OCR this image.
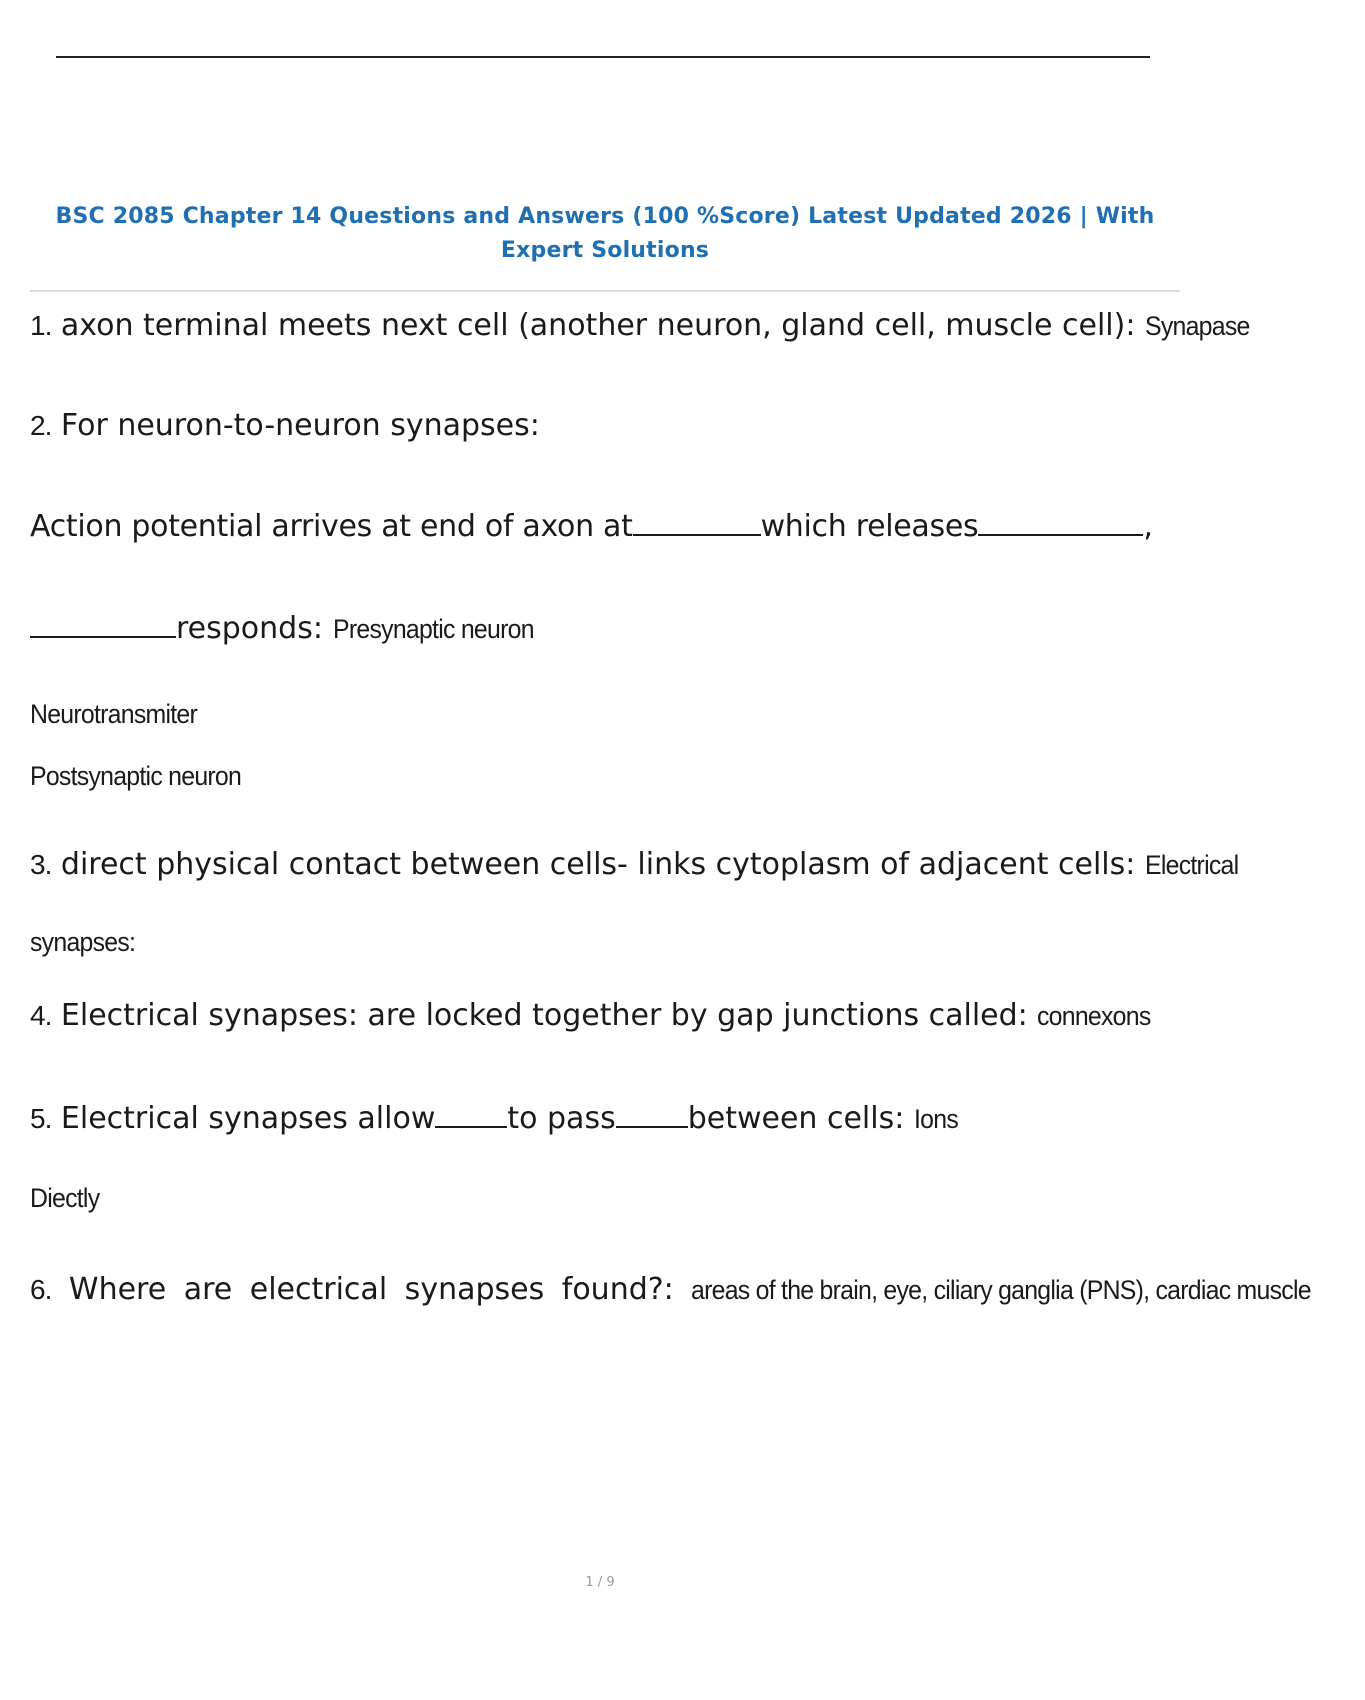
BSC 2085 Chapter 14 Questions and Answers (100 %Score) Latest Updated 2026 | With Expert Solutions
1. axon terminal meets next cell (another neuron, gland cell, muscle cell): Synapase
2. For neuron-to-neuron synapses:
Action potential arrives at end of axon at	which releases	,
responds: Presynaptic neuron
Neurotransmiter
Postsynaptic neuron
3. direct physical contact between cells- links cytoplasm of adjacent cells: Electrical
synapses:
4. Electrical synapses: are locked together by gap junctions called: connexons
5. Electrical synapses allow to pass between cells: Ions
Diectly
6. Where are electrical synapses found?: areas of the brain, eye, ciliary ganglia (PNS), cardiac muscle
1 / 9
